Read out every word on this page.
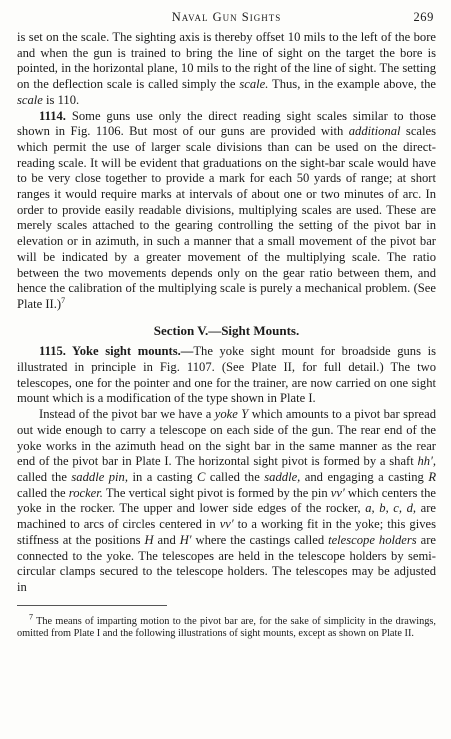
Naval Gun Sights	269

is set on the scale. The sighting axis is thereby offset 10 mils to the left of the bore and when the gun is trained to bring the line of sight on the target the bore is pointed, in the horizontal plane, 10 mils to the right of the line of sight. The setting on the deflection scale is called simply the scale. Thus, in the example above, the scale is 110.

1114. Some guns use only the direct reading sight scales similar to those shown in Fig. 1106. But most of our guns are provided with additional scales which permit the use of larger scale divisions than can be used on the direct-reading scale. It will be evident that graduations on the sight-bar scale would have to be very close together to provide a mark for each 50 yards of range; at short ranges it would require marks at intervals of about one or two minutes of arc. In order to provide easily readable divisions, multiplying scales are used. These are merely scales attached to the gearing controlling the setting of the pivot bar in elevation or in azimuth, in such a manner that a small movement of the pivot bar will be indicated by a greater movement of the multiplying scale. The ratio between the two movements depends only on the gear ratio between them, and hence the calibration of the multiplying scale is purely a mechanical problem. (See Plate II.)$^7$

Section V.—Sight Mounts.

1115. Yoke sight mounts.—The yoke sight mount for broadside guns is illustrated in principle in Fig. 1107. (See Plate II, for full detail.) The two telescopes, one for the pointer and one for the trainer, are now carried on one sight mount which is a modification of the type shown in Plate I.

Instead of the pivot bar we have a yoke Y which amounts to a pivot bar spread out wide enough to carry a telescope on each side of the gun. The rear end of the yoke works in the azimuth head on the sight bar in the same manner as the rear end of the pivot bar in Plate I. The horizontal sight pivot is formed by a shaft hh′, called the saddle pin, in a casting C called the saddle, and engaging a casting R called the rocker. The vertical sight pivot is formed by the pin vv′ which centers the yoke in the rocker. The upper and lower side edges of the rocker, a, b, c, d, are machined to arcs of circles centered in vv′ to a working fit in the yoke; this gives stiffness at the positions H and H′ where the castings called telescope holders are connected to the yoke. The telescopes are held in the telescope holders by semi-circular clamps secured to the telescope holders. The telescopes may be adjusted in

$^7$ The means of imparting motion to the pivot bar are, for the sake of simplicity in the drawings, omitted from Plate I and the following illustrations of sight mounts, except as shown on Plate II.
